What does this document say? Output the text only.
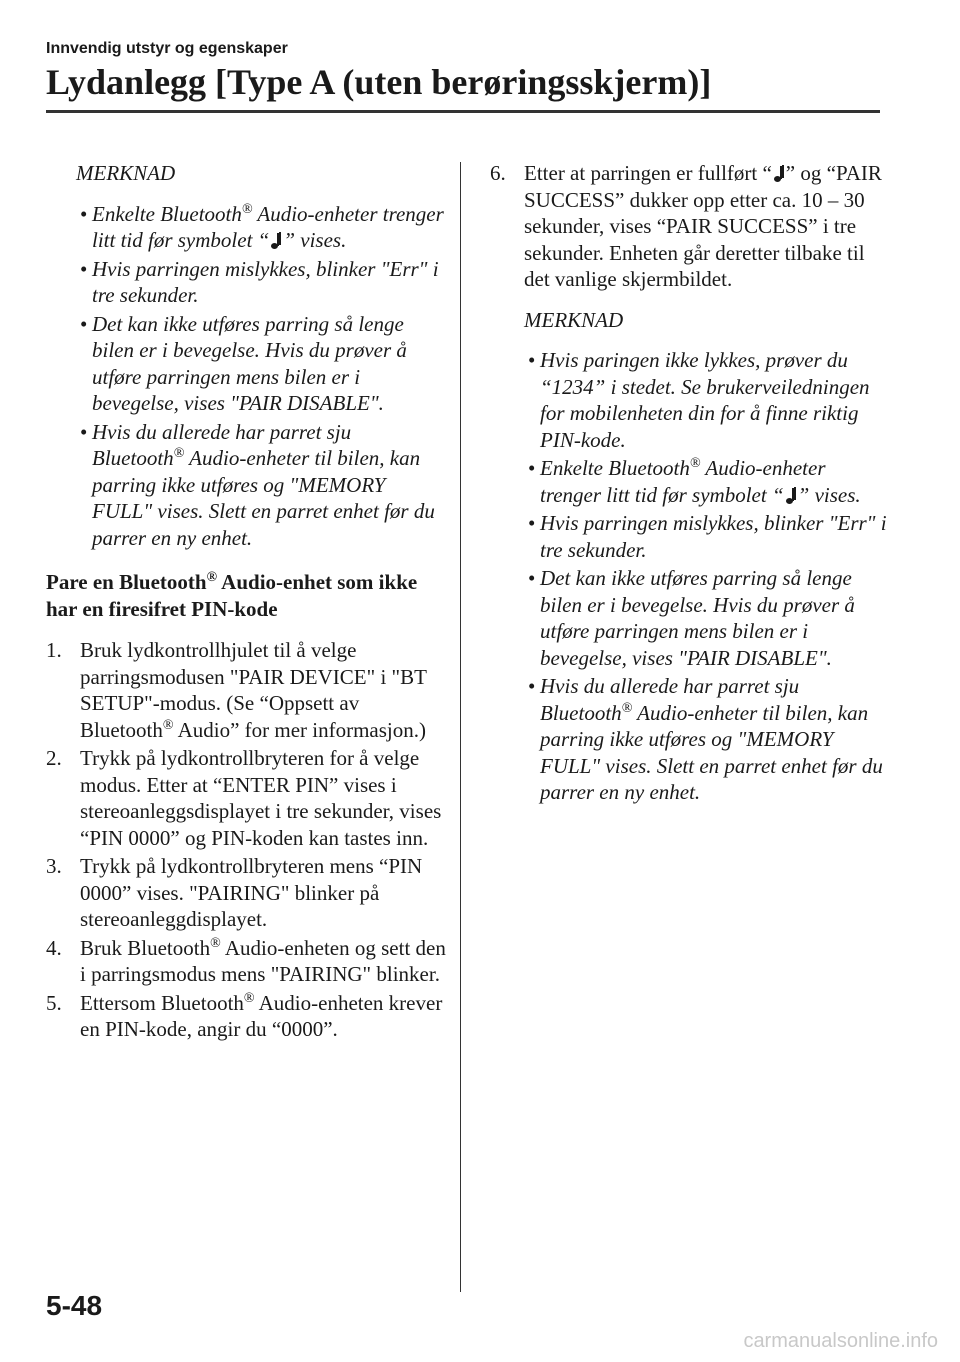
Innvendig utstyr og egenskaper

Lydanlegg [Type A (uten berøringsskjerm)]

MERKNAD

• Enkelte Bluetooth® Audio-enheter trenger litt tid før symbolet “ ” vises.
• Hvis parringen mislykkes, blinker "Err" i tre sekunder.
• Det kan ikke utføres parring så lenge bilen er i bevegelse. Hvis du prøver å utføre parringen mens bilen er i bevegelse, vises "PAIR DISABLE".
• Hvis du allerede har parret sju Bluetooth® Audio-enheter til bilen, kan parring ikke utføres og "MEMORY FULL" vises. Slett en parret enhet før du parrer en ny enhet.

Pare en Bluetooth® Audio-enhet som ikke har en firesifret PIN-kode

1. Bruk lydkontrollhjulet til å velge parringsmodusen "PAIR DEVICE" i "BT SETUP"-modus. (Se “Oppsett av Bluetooth® Audio” for mer informasjon.)
2. Trykk på lydkontrollbryteren for å velge modus. Etter at “ENTER PIN” vises i stereoanleggsdisplayet i tre sekunder, vises “PIN 0000” og PIN-koden kan tastes inn.
3. Trykk på lydkontrollbryteren mens “PIN 0000” vises. "PAIRING" blinker på stereoanleggdisplayet.
4. Bruk Bluetooth® Audio-enheten og sett den i parringsmodus mens "PAIRING" blinker.
5. Ettersom Bluetooth® Audio-enheten krever en PIN-kode, angir du “0000”.
6. Etter at parringen er fullført “ ” og “PAIR SUCCESS” dukker opp etter ca. 10 – 30 sekunder, vises “PAIR SUCCESS” i tre sekunder. Enheten går deretter tilbake til det vanlige skjermbildet.

MERKNAD

• Hvis paringen ikke lykkes, prøver du “1234” i stedet. Se brukerveiledningen for mobilenheten din for å finne riktig PIN-kode.
• Enkelte Bluetooth® Audio-enheter trenger litt tid før symbolet “ ” vises.
• Hvis parringen mislykkes, blinker "Err" i tre sekunder.
• Det kan ikke utføres parring så lenge bilen er i bevegelse. Hvis du prøver å utføre parringen mens bilen er i bevegelse, vises "PAIR DISABLE".
• Hvis du allerede har parret sju Bluetooth® Audio-enheter til bilen, kan parring ikke utføres og "MEMORY FULL" vises. Slett en parret enhet før du parrer en ny enhet.
5-48
carmanualsonline.info
